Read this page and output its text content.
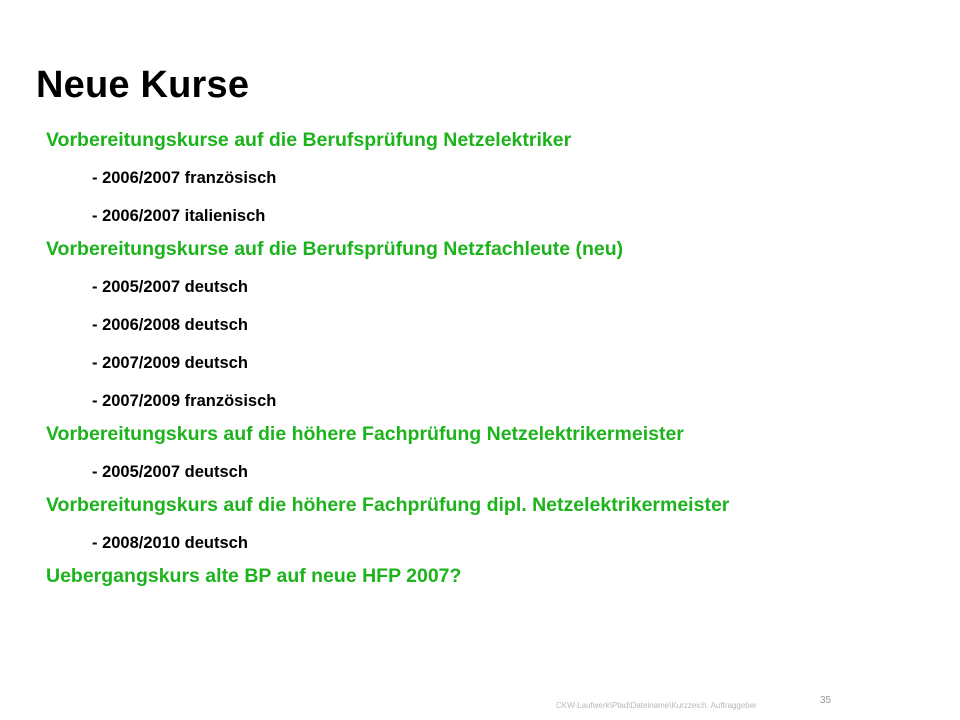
Neue Kurse
Vorbereitungskurse auf die Berufsprüfung Netzelektriker
- 2006/2007 französisch
- 2006/2007 italienisch
Vorbereitungskurse auf die Berufsprüfung Netzfachleute (neu)
- 2005/2007 deutsch
- 2006/2008 deutsch
- 2007/2009 deutsch
- 2007/2009 französisch
Vorbereitungskurs auf die höhere Fachprüfung Netzelektrikermeister
- 2005/2007 deutsch
Vorbereitungskurs auf die höhere Fachprüfung dipl. Netzelektrikermeister
- 2008/2010 deutsch
Uebergangskurs alte BP auf neue HFP 2007?
CKW-Laufwerk\Pfad\Dateiname\Kurzzeich. Auftraggeber	35
